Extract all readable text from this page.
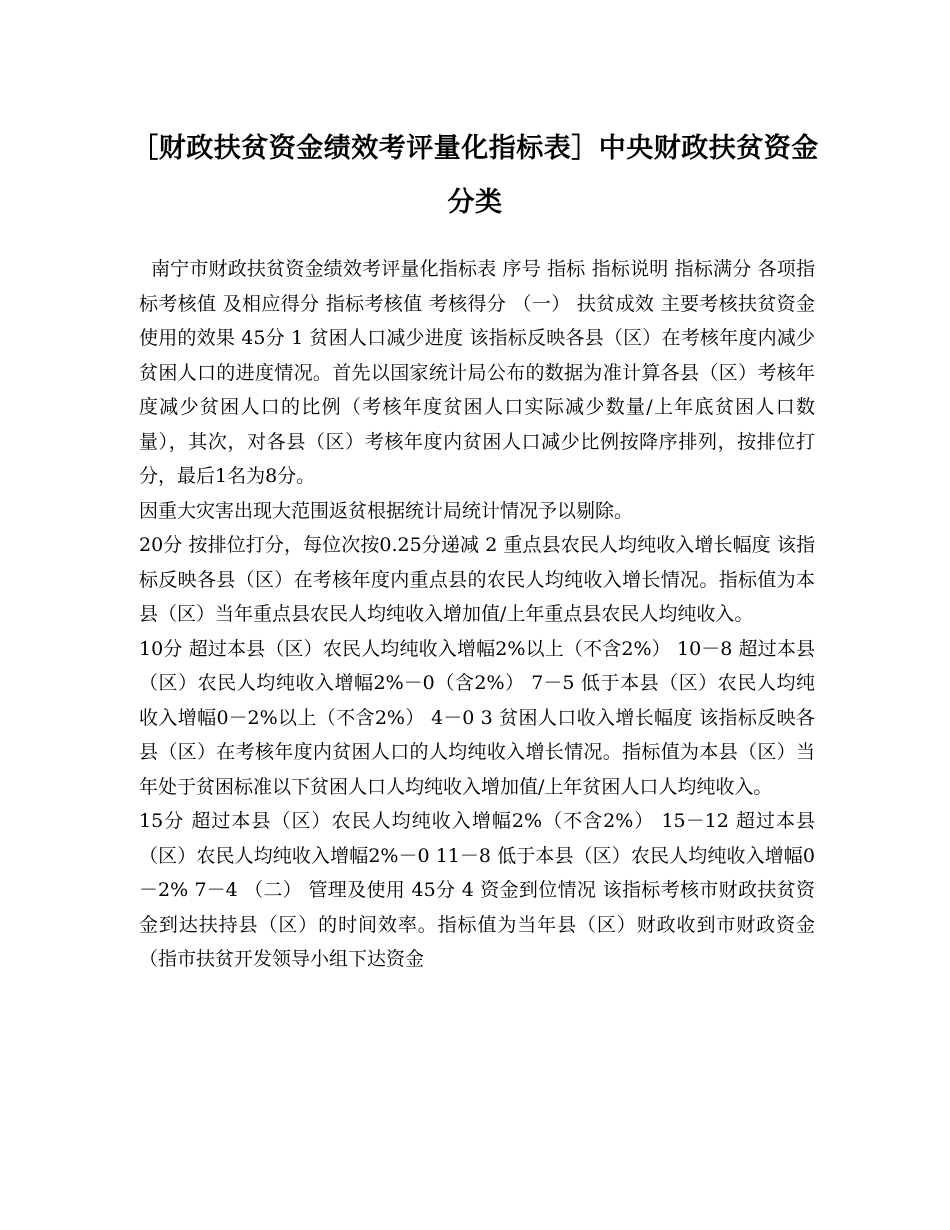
［财政扶贫资金绩效考评量化指标表］中央财政扶贫资金分类

南宁市财政扶贫资金绩效考评量化指标表 序号 指标 指标说明 指标满分 各项指标考核值 及相应得分 指标考核值 考核得分 （一） 扶贫成效 主要考核扶贫资金使用的效果 45分 1 贫困人口减少进度 该指标反映各县（区）在考核年度内减少贫困人口的进度情况。首先以国家统计局公布的数据为准计算各县（区）考核年度减少贫困人口的比例（考核年度贫困人口实际减少数量/上年底贫困人口数量），其次，对各县（区）考核年度内贫困人口减少比例按降序排列，按排位打分，最后1名为8分。

因重大灾害出现大范围返贫根据统计局统计情况予以剔除。

20分 按排位打分，每位次按0.25分递减 2 重点县农民人均纯收入增长幅度 该指标反映各县（区）在考核年度内重点县的农民人均纯收入增长情况。指标值为本县（区）当年重点县农民人均纯收入增加值/上年重点县农民人均纯收入。

10分 超过本县（区）农民人均纯收入增幅2%以上（不含2%） 10－8 超过本县（区）农民人均纯收入增幅2%－0（含2%） 7－5 低于本县（区）农民人均纯收入增幅0－2%以上（不含2%） 4－0 3 贫困人口收入增长幅度 该指标反映各县（区）在考核年度内贫困人口的人均纯收入增长情况。指标值为本县（区）当年处于贫困标准以下贫困人口人均纯收入增加值/上年贫困人口人均纯收入。

15分 超过本县（区）农民人均纯收入增幅2%（不含2%） 15－12 超过本县（区）农民人均纯收入增幅2%－0 11－8 低于本县（区）农民人均纯收入增幅0－2% 7－4 （二） 管理及使用 45分 4 资金到位情况 该指标考核市财政扶贫资金到达扶持县（区）的时间效率。指标值为当年县（区）财政收到市财政资金（指市扶贫开发领导小组下达资金
